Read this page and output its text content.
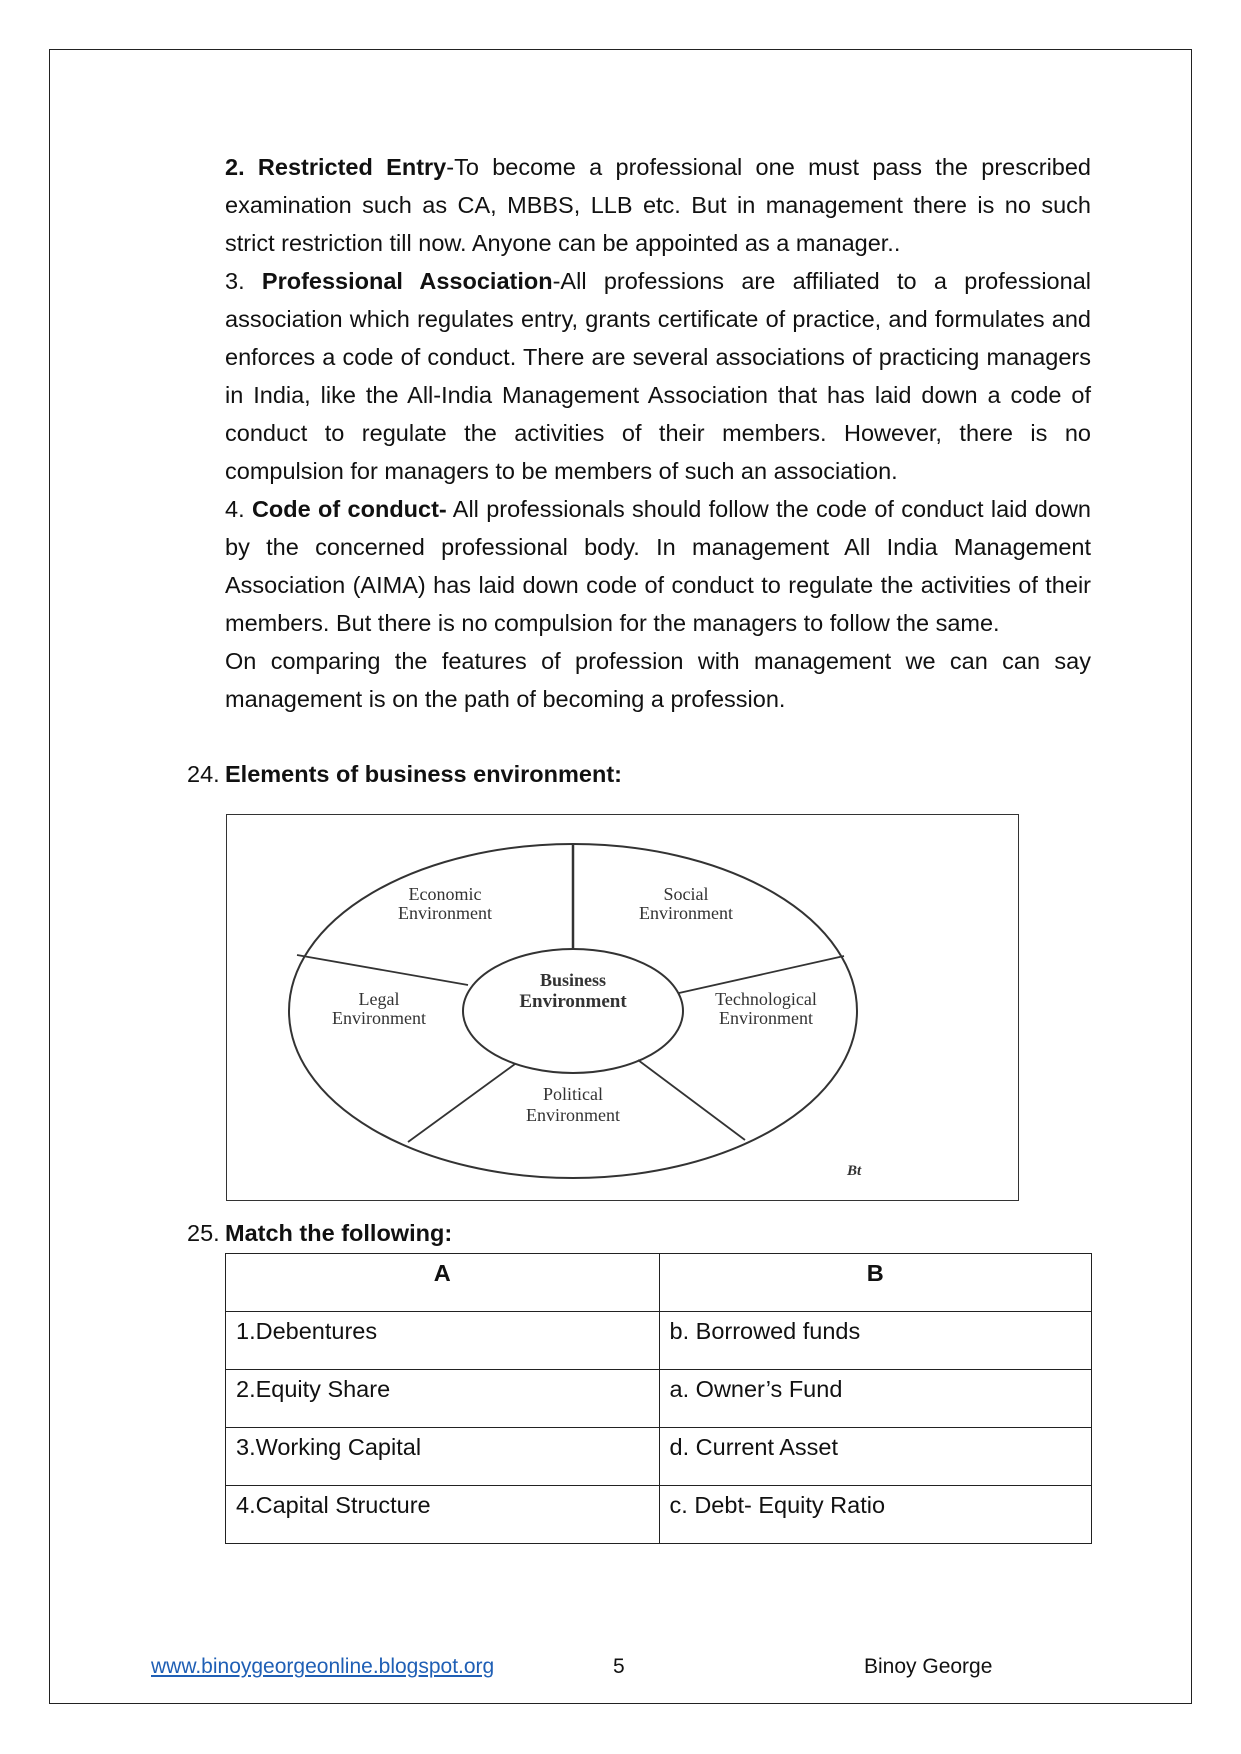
2. Restricted Entry-To become a professional one must pass the prescribed examination such as CA, MBBS, LLB etc. But in management there is no such strict restriction till now. Anyone can be appointed as a manager..

3. Professional Association-All professions are affiliated to a professional association which regulates entry, grants certificate of practice, and formulates and enforces a code of conduct. There are several associations of practicing managers in India, like the All-India Management Association that has laid down a code of conduct to regulate the activities of their members. However, there is no compulsion for managers to be members of such an association.

4. Code of conduct- All professionals should follow the code of conduct laid down by the concerned professional body. In management All India Management Association (AIMA) has laid down code of conduct to regulate the activities of their members. But there is no compulsion for the managers to follow the same.

On comparing the features of profession with management we can can say management is on the path of becoming a profession.

24. Elements of business environment:
Business
Environment
Economic
Environment
Social
Environment
Legal
Environment
Technological
Environment
Political
Environment
Bt
25. Match the following:
A	B
1.Debentures	b. Borrowed funds
2.Equity Share	a. Owner’s Fund
3.Working Capital	d. Current Asset
4.Capital Structure	c. Debt- Equity Ratio
www.binoygeorgeonline.blogspot.org	5	Binoy George
